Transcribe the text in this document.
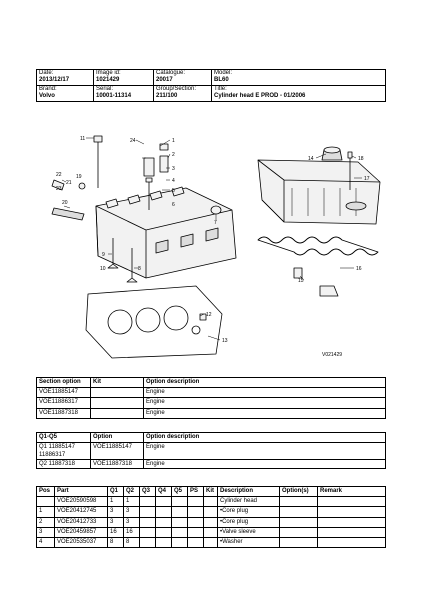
Date:
2013/12/17	Image id:
1021429	Catalogue:
20017	Model:
BL60

Brand:
Volvo	Serial:
10001-11314	Group/Section:
211/100	Title:
Cylinder head E PROD - 01/2006
11	24	1
2
3
4
5
6
7
8
9
10
12
13
14
15
16
17
18
19
20
21
22
23
V021429
Section option	Kit	Option description
VOE11885147		Engine
VOE11886317		Engine
VOE11887318		Engine
Q1-Q5	Option	Option description
Q1 11885147 11886317	VOE11885147	Engine
Q2 11887318	VOE11887318	Engine
Pos	Part	Q1	Q2	Q3	Q4	Q5	PS	Kit	Description	Option(s)	Remark
	VOE20590598	1	1						Cylinder head		
1	VOE20412745	3	3						•Core plug		
2	VOE20412733	3	3						•Core plug		
3	VOE20459857	16	16						•Valve sleeve		
4	VOE20535037	8	8						•Washer		
